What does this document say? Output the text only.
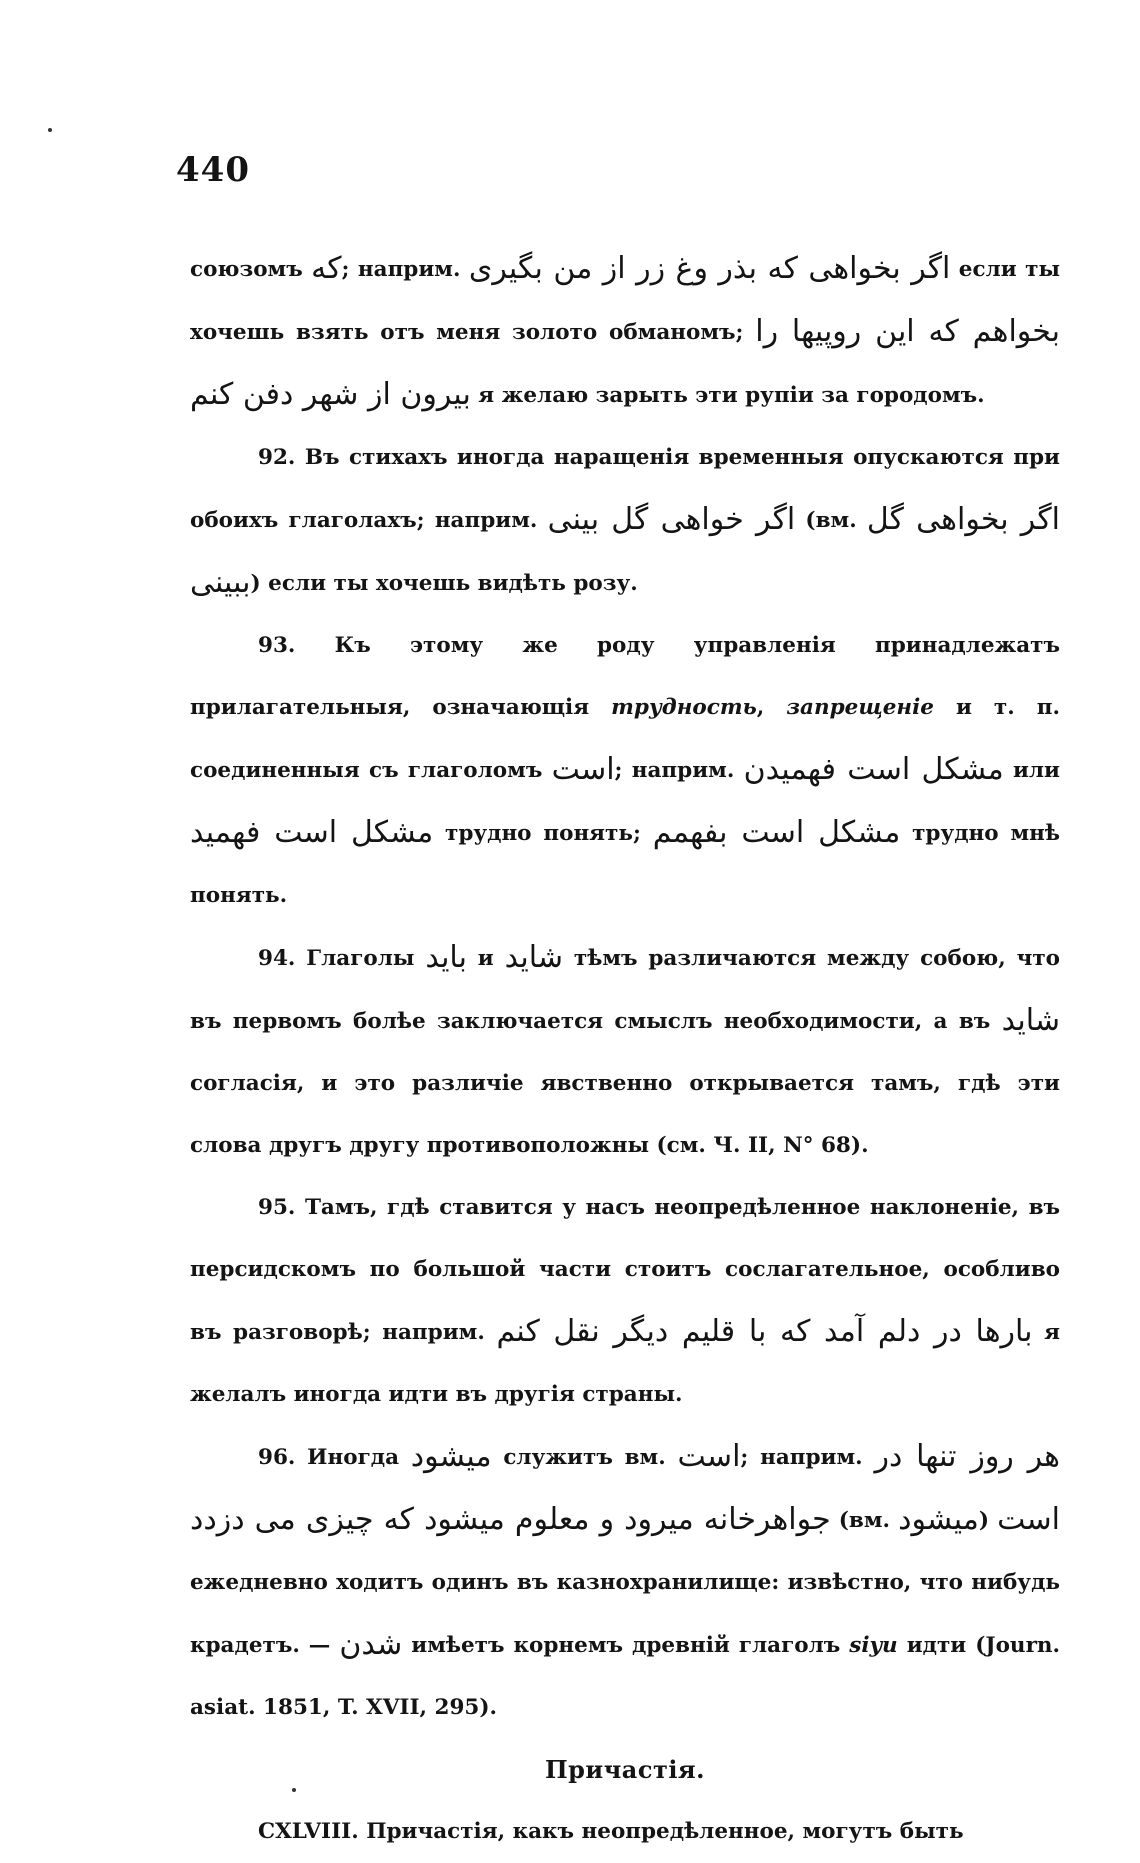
440

союзомъ که; наприм. اگر بخواهی که بذر وغ زر از من بگیری если ты хочешь взять отъ меня золото обманомъ; بخواهم که این روپیها را بیرون از شهر دفن کنم я желаю зарыть эти рупіи за городомъ.

92. Въ стихахъ иногда наращенія временныя опускаются при обоихъ глаголахъ; наприм. اگر خواهی گل بینی (вм. اگر بخواهی گل ببینی) если ты хочешь видѣть розу.

93. Къ этому же роду управленія принадлежатъ прилагательныя, означающія трудность, запрещеніе и т. п. соединенныя съ глаголомъ است; наприм. مشکل است فهمیدن или مشکل است فهمید трудно понять; مشکل است بفهمم трудно мнѣ понять.

94. Глаголы باید и شاید тѣмъ различаются между собою, что въ первомъ болѣе заключается смыслъ необходимости, а въ شاید согласія, и это различіе явственно открывается тамъ, гдѣ эти слова другъ другу противоположны (см. Ч. II, N° 68).

95. Тамъ, гдѣ ставится у насъ неопредѣленное наклоненіе, въ персидскомъ по большой части стоитъ сослагательное, особливо въ разговорѣ; наприм. بارها در دلم آمد که با قلیم دیگر نقل کنم я желалъ иногда идти въ другія страны.

96. Иногда میشود служитъ вм. است; наприм. هر روز تنها در جواهرخانه میرود و معلوم میشود که چیزی می دزدد (вм. میشود) است ежедневно ходитъ одинъ въ казнохранилище: извѣстно, что нибудь крадетъ. — شدن имѣетъ корнемъ древній глаголъ siyu идти (Journ. asiat. 1851, T. XVII, 295).

Причастія.

CXLVIII. Причастія, какъ неопредѣленное, могутъ быть
